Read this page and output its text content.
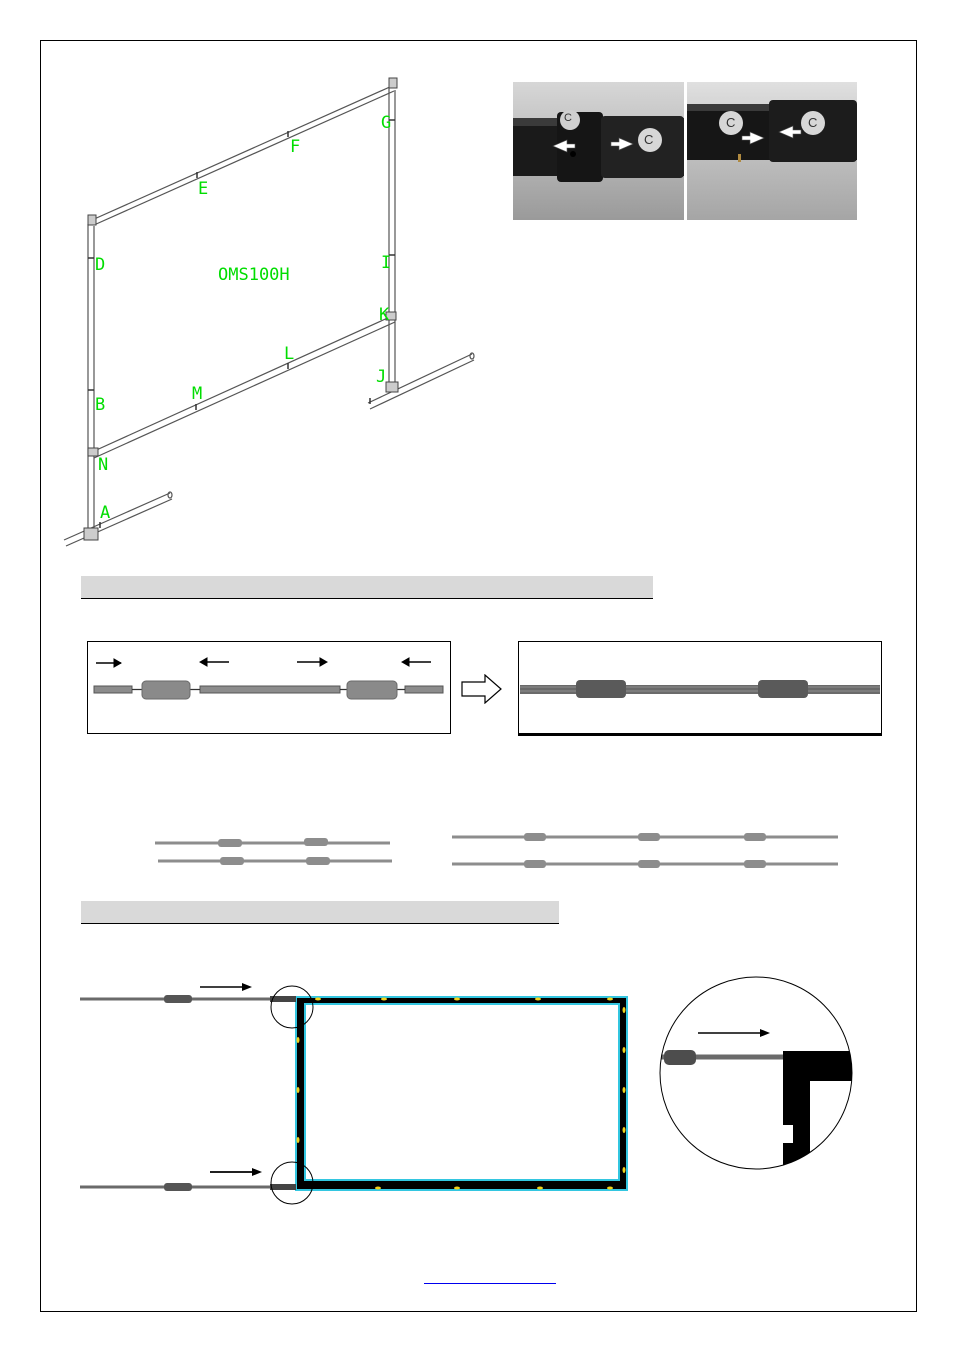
OMS100H
A
B
D
E
F
G
I
K
L
J
M
N
C
C
C	C
